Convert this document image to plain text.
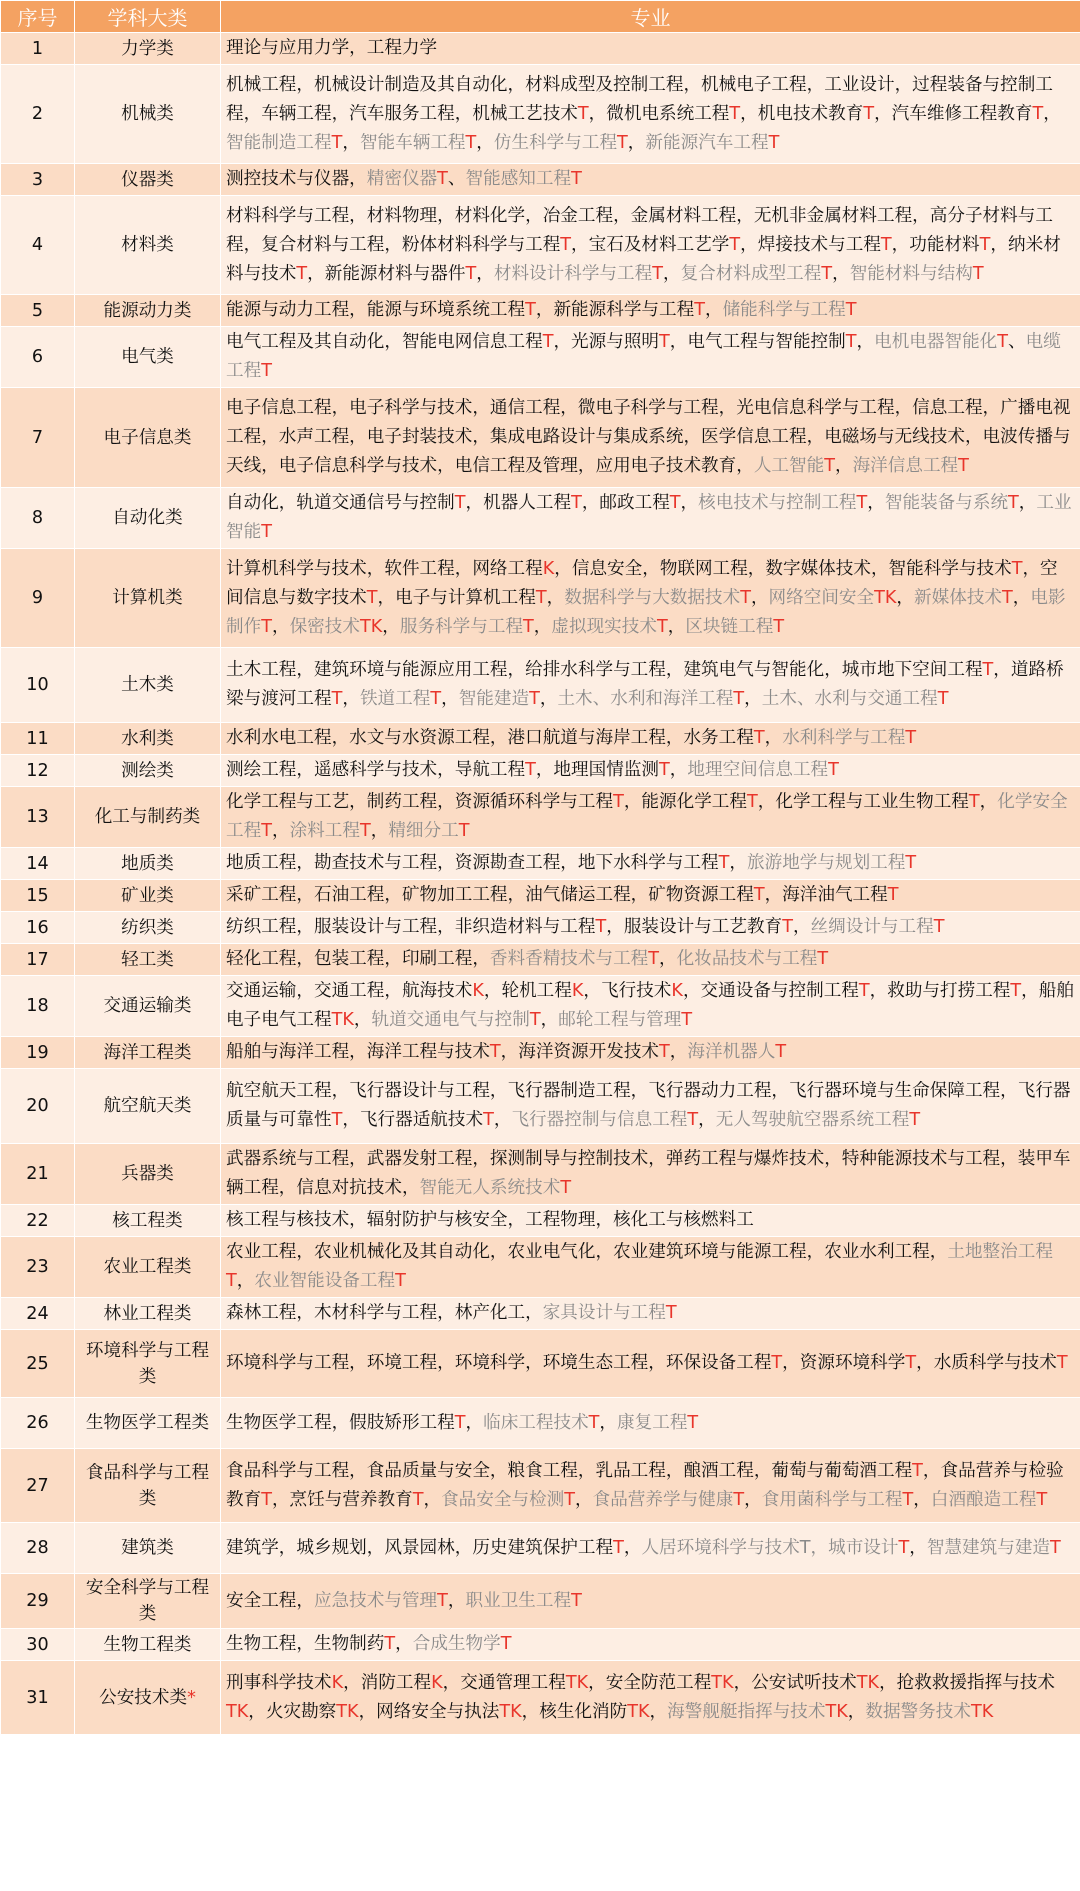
序号	学科大类	专业
1	力学类	理论与应用力学，工程力学
2	机械类	机械工程，机械设计制造及其自动化，材料成型及控制工程，机械电子工程，工业设计，过程装备与控制工程，车辆工程，汽车服务工程，机械工艺技术T，微机电系统工程T，机电技术教育T，汽车维修工程教育T，智能制造工程T，智能车辆工程T，仿生科学与工程T，新能源汽车工程T
3	仪器类	测控技术与仪器，精密仪器T、智能感知工程T
4	材料类	材料科学与工程，材料物理，材料化学，冶金工程，金属材料工程，无机非金属材料工程，高分子材料与工程，复合材料与工程，粉体材料科学与工程T，宝石及材料工艺学T，焊接技术与工程T，功能材料T，纳米材料与技术T，新能源材料与器件T，材料设计科学与工程T，复合材料成型工程T，智能材料与结构T
5	能源动力类	能源与动力工程，能源与环境系统工程T，新能源科学与工程T，储能科学与工程T
6	电气类	电气工程及其自动化，智能电网信息工程T，光源与照明T，电气工程与智能控制T，电机电器智能化T、电缆工程T
7	电子信息类	电子信息工程，电子科学与技术，通信工程，微电子科学与工程，光电信息科学与工程，信息工程，广播电视工程，水声工程，电子封装技术，集成电路设计与集成系统，医学信息工程，电磁场与无线技术，电波传播与天线，电子信息科学与技术，电信工程及管理，应用电子技术教育，人工智能T，海洋信息工程T
8	自动化类	自动化，轨道交通信号与控制T，机器人工程T，邮政工程T，核电技术与控制工程T，智能装备与系统T，工业智能T
9	计算机类	计算机科学与技术，软件工程，网络工程K，信息安全，物联网工程，数字媒体技术，智能科学与技术T，空间信息与数字技术T，电子与计算机工程T，数据科学与大数据技术T，网络空间安全TK，新媒体技术T，电影制作T，保密技术TK，服务科学与工程T，虚拟现实技术T，区块链工程T
10	土木类	土木工程，建筑环境与能源应用工程，给排水科学与工程，建筑电气与智能化，城市地下空间工程T，道路桥梁与渡河工程T，铁道工程T，智能建造T，土木、水利和海洋工程T，土木、水利与交通工程T
11	水利类	水利水电工程，水文与水资源工程，港口航道与海岸工程，水务工程T，水利科学与工程T
12	测绘类	测绘工程，遥感科学与技术，导航工程T，地理国情监测T，地理空间信息工程T
13	化工与制药类	化学工程与工艺，制药工程，资源循环科学与工程T，能源化学工程T，化学工程与工业生物工程T，化学安全工程T，涂料工程T，精细分工T
14	地质类	地质工程，勘查技术与工程，资源勘查工程，地下水科学与工程T，旅游地学与规划工程T
15	矿业类	采矿工程，石油工程，矿物加工工程，油气储运工程，矿物资源工程T，海洋油气工程T
16	纺织类	纺织工程，服装设计与工程，非织造材料与工程T，服装设计与工艺教育T，丝绸设计与工程T
17	轻工类	轻化工程，包装工程，印刷工程，香料香精技术与工程T，化妆品技术与工程T
18	交通运输类	交通运输，交通工程，航海技术K，轮机工程K，飞行技术K，交通设备与控制工程T，救助与打捞工程T，船舶电子电气工程TK，轨道交通电气与控制T，邮轮工程与管理T
19	海洋工程类	船舶与海洋工程，海洋工程与技术T，海洋资源开发技术T，海洋机器人T
20	航空航天类	航空航天工程，飞行器设计与工程，飞行器制造工程，飞行器动力工程，飞行器环境与生命保障工程，飞行器质量与可靠性T，飞行器适航技术T，飞行器控制与信息工程T，无人驾驶航空器系统工程T
21	兵器类	武器系统与工程，武器发射工程，探测制导与控制技术，弹药工程与爆炸技术，特种能源技术与工程，装甲车辆工程，信息对抗技术，智能无人系统技术T
22	核工程类	核工程与核技术，辐射防护与核安全，工程物理，核化工与核燃料工
23	农业工程类	农业工程，农业机械化及其自动化，农业电气化，农业建筑环境与能源工程，农业水利工程，土地整治工程T，农业智能设备工程T
24	林业工程类	森林工程，木材科学与工程，林产化工，家具设计与工程T
25	环境科学与工程类	环境科学与工程，环境工程，环境科学，环境生态工程，环保设备工程T，资源环境科学T，水质科学与技术T
26	生物医学工程类	生物医学工程，假肢矫形工程T，临床工程技术T，康复工程T
27	食品科学与工程类	食品科学与工程，食品质量与安全，粮食工程，乳品工程，酿酒工程，葡萄与葡萄酒工程T，食品营养与检验教育T，烹饪与营养教育T，食品安全与检测T，食品营养学与健康T，食用菌科学与工程T，白酒酿造工程T
28	建筑类	建筑学，城乡规划，风景园林，历史建筑保护工程T，人居环境科学与技术T，城市设计T，智慧建筑与建造T
29	安全科学与工程类	安全工程，应急技术与管理T，职业卫生工程T
30	生物工程类	生物工程，生物制药T，合成生物学T
31	公安技术类*	刑事科学技术K，消防工程K，交通管理工程TK，安全防范工程TK，公安试听技术TK，抢救救援指挥与技术TK，火灾勘察TK，网络安全与执法TK，核生化消防TK，海警舰艇指挥与技术TK，数据警务技术TK
